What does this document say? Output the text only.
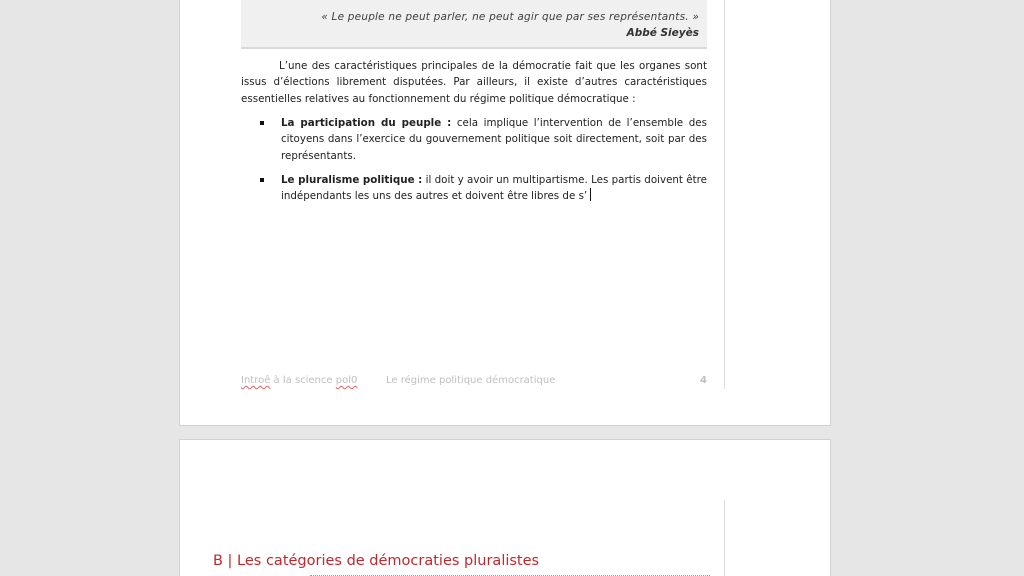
« Le peuple ne peut parler, ne peut agir que par ses représentants. »
Abbé Sieyès

L’une des caractéristiques principales de la démocratie fait que les organes sont issus d’élections librement disputées. Par ailleurs, il existe d’autres caractéristiques essentielles relatives au fonctionnement du régime politique démocratique :

La participation du peuple : cela implique l’intervention de l’ensemble des citoyens dans l’exercice du gouvernement politique soit directement, soit par des représentants.
Le pluralisme politique : il doit y avoir un multipartisme. Les partis doivent être indépendants les uns des autres et doivent être libres de s’
Introê à la science pol0	Le régime politique démocratique	4
B | Les catégories de démocraties pluralistes
